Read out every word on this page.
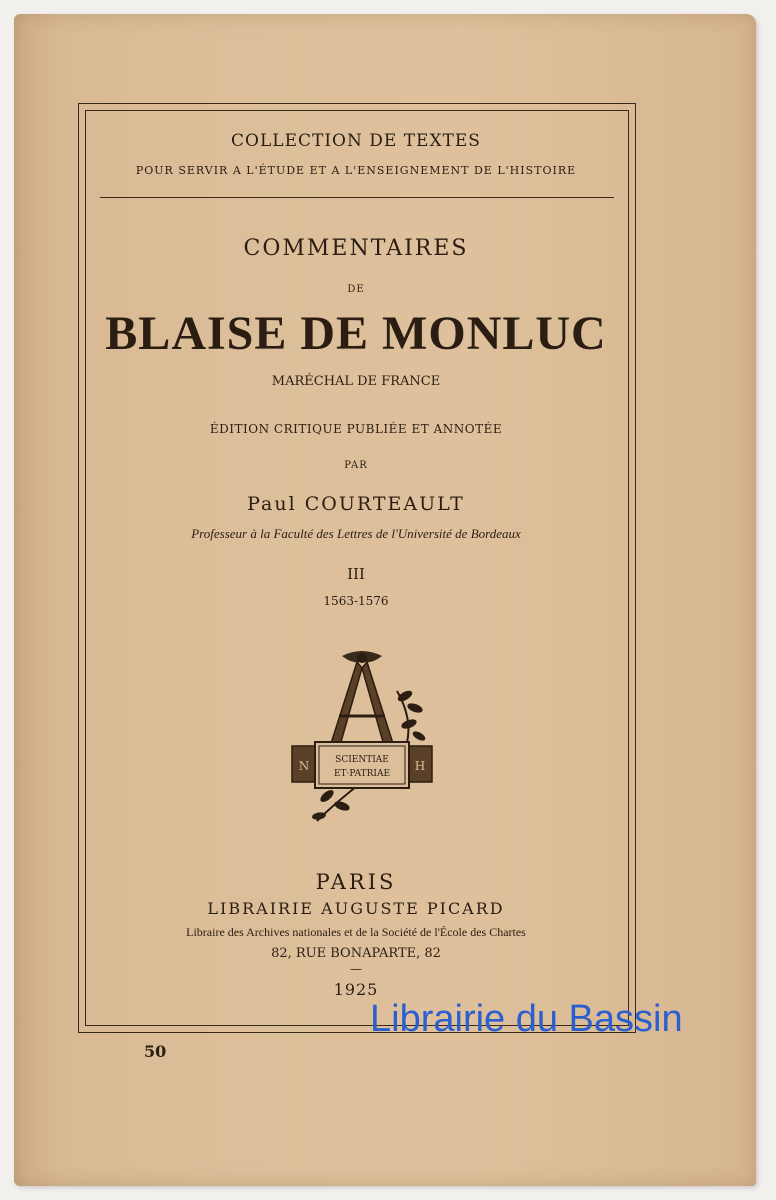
COLLECTION DE TEXTES
POUR SERVIR A L'ÉTUDE ET A L'ENSEIGNEMENT DE L'HISTOIRE
COMMENTAIRES
DE
BLAISE DE MONLUC
MARÉCHAL DE FRANCE
ÉDITION CRITIQUE PUBLIÉE ET ANNOTÉE
PAR
Paul COURTEAULT
Professeur à la Faculté des Lettres de l'Université de Bordeaux
III
1563-1576
SCIENTIAE
ET·PATRIAE
N	H
PARIS
LIBRAIRIE AUGUSTE PICARD
Libraire des Archives nationales et de la Société de l'École des Chartes
82, RUE BONAPARTE, 82
—
1925
50
Librairie du Bassin
